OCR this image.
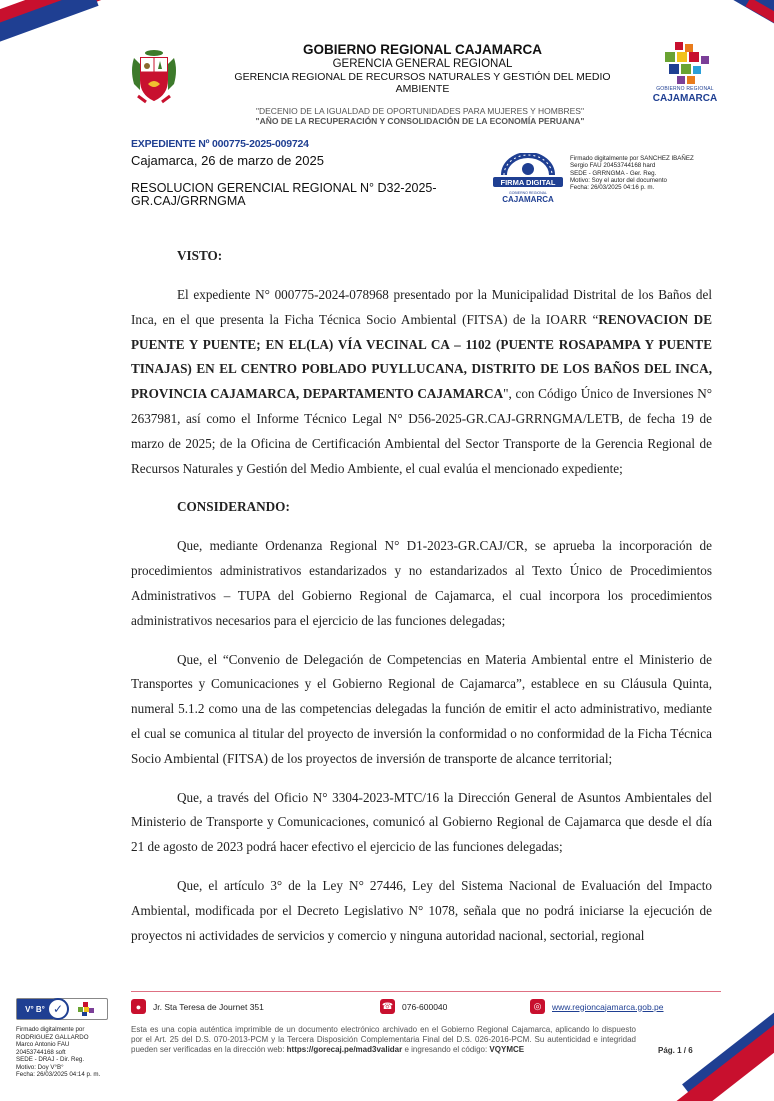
GOBIERNO REGIONAL CAJAMARCA
GERENCIA GENERAL REGIONAL
GERENCIA REGIONAL DE RECURSOS NATURALES Y GESTIÓN DEL MEDIO AMBIENTE	GOBIERNO REGIONAL
CAJAMARCA
"DECENIO DE LA IGUALDAD DE OPORTUNIDADES PARA MUJERES Y HOMBRES"
"AÑO DE LA RECUPERACIÓN Y CONSOLIDACIÓN DE LA ECONOMÍA PERUANA"
EXPEDIENTE Nº 000775-2025-009724
Cajamarca, 26 de marzo de 2025
RESOLUCION GERENCIAL REGIONAL N° D32-2025-GR.CAJ/GRRNGMA
FIRMA DIGITAL
GOBIERNO REGIONAL
CAJAMARCA
Firmado digitalmente por SANCHEZ IBAÑEZ
Sergio FAU 20453744168 hard
SEDE - GRRNGMA - Ger. Reg.
Motivo: Soy el autor del documento
Fecha: 26/03/2025 04:16 p. m.
VISTO:

El expediente N° 000775-2024-078968 presentado por la Municipalidad Distrital de los Baños del Inca, en el que presenta la Ficha Técnica Socio Ambiental (FITSA) de la IOARR “RENOVACION DE PUENTE Y PUENTE; EN EL(LA) VÍA VECINAL CA – 1102 (PUENTE ROSAPAMPA Y PUENTE TINAJAS) EN EL CENTRO POBLADO PUYLLUCANA, DISTRITO DE LOS BAÑOS DEL INCA, PROVINCIA CAJAMARCA, DEPARTAMENTO CAJAMARCA", con Código Único de Inversiones N° 2637981, así como el Informe Técnico Legal N° D56-2025-GR.CAJ-GRRNGMA/LETB, de fecha 19 de marzo de 2025; de la Oficina de Certificación Ambiental del Sector Transporte de la Gerencia Regional de Recursos Naturales y Gestión del Medio Ambiente, el cual evalúa el mencionado expediente;

CONSIDERANDO:

Que, mediante Ordenanza Regional N° D1-2023-GR.CAJ/CR, se aprueba la incorporación de procedimientos administrativos estandarizados y no estandarizados al Texto Único de Procedimientos Administrativos – TUPA del Gobierno Regional de Cajamarca, el cual incorpora los procedimientos administrativos necesarios para el ejercicio de las funciones delegadas;

Que, el “Convenio de Delegación de Competencias en Materia Ambiental entre el Ministerio de Transportes y Comunicaciones y el Gobierno Regional de Cajamarca”, establece en su Cláusula Quinta, numeral 5.1.2 como una de las competencias delegadas la función de emitir el acto administrativo, mediante el cual se comunica al titular del proyecto de inversión la conformidad o no conformidad de la Ficha Técnica Socio Ambiental (FITSA) de los proyectos de inversión de transporte de alcance territorial;

Que, a través del Oficio N° 3304-2023-MTC/16 la Dirección General de Asuntos Ambientales del Ministerio de Transporte y Comunicaciones, comunicó al Gobierno Regional de Cajamarca que desde el día 21 de agosto de 2023 podrá hacer efectivo el ejercicio de las funciones delegadas;

Que, el artículo 3° de la Ley N° 27446, Ley del Sistema Nacional de Evaluación del Impacto Ambiental, modificada por el Decreto Legislativo N° 1078, señala que no podrá iniciarse la ejecución de proyectos ni actividades de servicios y comercio y ninguna autoridad nacional, sectorial, regional

●	Jr. Sta Teresa de Journet 351	☎ 076-600040	◎	www.regioncajamarca.gob.pe
Esta es una copia auténtica imprimible de un documento electrónico archivado en el Gobierno Regional Cajamarca, aplicando lo dispuesto por el Art. 25 del D.S. 070-2013-PCM y la Tercera Disposición Complementaria Final del D.S. 026-2016-PCM. Su autenticidad e integridad pueden ser verificadas en la dirección web: https://gorecaj.pe/mad3validar e ingresando el código: VQYMCE	Pág. 1 / 6
V° B° ✓
Firmado digitalmente por
RODRIGUEZ GALLARDO
Marco Antonio FAU
20453744168 soft
SEDE - DRAJ - Dir. Reg.
Motivo: Doy V°B°
Fecha: 26/03/2025 04:14 p. m.
